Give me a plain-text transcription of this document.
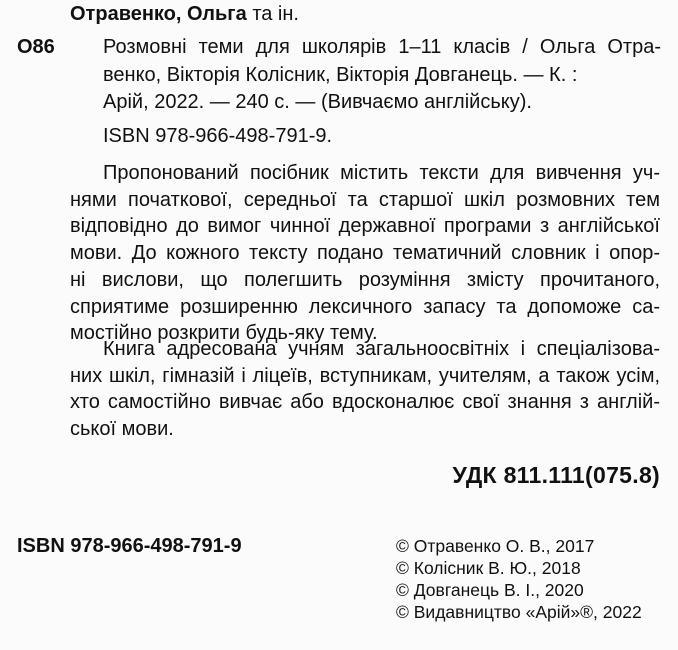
Отравенко, Ольга та ін.
О86 Розмовні теми для школярів 1–11 класів / Ольга Отра-
венко, Вікторія Колісник, Вікторія Довганець. — К. :
Арій, 2022. — 240 с. — (Вивчаємо англійську).
ISBN 978-966-498-791-9.
Пропонований посібник містить тексти для вивчення уч-
нями початкової, середньої та старшої шкіл розмовних тем
відповідно до вимог чинної державної програми з англійської
мови. До кожного тексту подано тематичний словник і опор-
ні вислови, що полегшить розуміння змісту прочитаного,
сприятиме розширенню лексичного запасу та допоможе са-
мостійно розкрити будь-яку тему.
Книга адресована учням загальноосвітніх і спеціалізова-
них шкіл, гімназій і ліцеїв, вступникам, учителям, а також усім,
хто самостійно вивчає або вдосконалює свої знання з англій-
ської мови.
УДК 811.111(075.8)
ISBN 978-966-498-791-9	© Отравенко О. В., 2017
© Колісник В. Ю., 2018
© Довганець В. І., 2020
© Видавництво «Арій»®, 2022
